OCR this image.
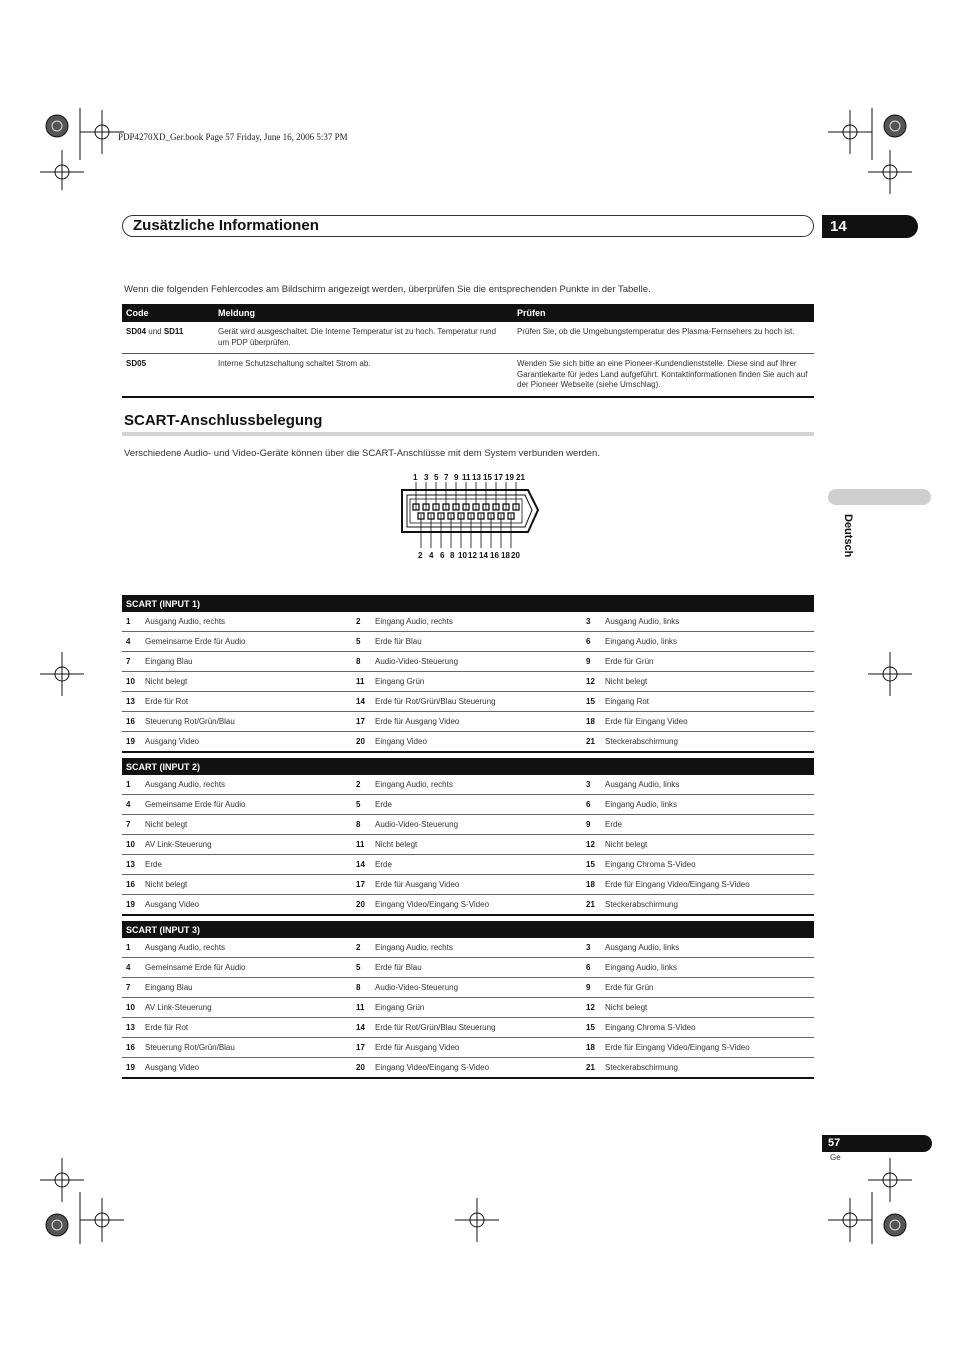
PDP4270XD_Ger.book Page 57 Friday, June 16, 2006 5:37 PM
Zusätzliche Informationen	14
Wenn die folgenden Fehlercodes am Bildschirm angezeigt werden, überprüfen Sie die entsprechenden Punkte in der Tabelle.
Code	Meldung	Prüfen
SD04 und SD11	Gerät wird ausgeschaltet. Die Interne Temperatur ist zu hoch. Temperatur rund um PDP überprüfen.	Prüfen Sie, ob die Umgebungstemperatur des Plasma-Fernsehers zu hoch ist.
SD05	Interne Schutzschaltung schaltet Strom ab.	Wenden Sie sich bitte an eine Pioneer-Kundendienststelle. Diese sind auf Ihrer Garantiekarte für jedes Land aufgeführt. Kontaktinformationen finden Sie auch auf der Pioneer Webseite (siehe Umschlag).
SCART-Anschlussbelegung
Verschiedene Audio- und Video-Geräte können über die SCART-Anschlüsse mit dem System verbunden werden.
1 3 5 7 9 11 13 15 17 19 21
2 4 6 8 10 12 14 16 18 20
SCART (INPUT 1)					
1	Ausgang Audio, rechts	2	Eingang Audio, rechts	3	Ausgang Audio, links
4	Gemeinsame Erde für Audio	5	Erde für Blau	6	Eingang Audio, links
7	Eingang Blau	8	Audio-Video-Steuerung	9	Erde für Grün
10	Nicht belegt	11	Eingang Grün	12	Nicht belegt
13	Erde für Rot	14	Erde für Rot/Grün/Blau Steuerung	15	Eingang Rot
16	Steuerung Rot/Grün/Blau	17	Erde für Ausgang Video	18	Erde für Eingang Video
19	Ausgang Video	20	Eingang Video	21	Steckerabschirmung
SCART (INPUT 2)					
1	Ausgang Audio, rechts	2	Eingang Audio, rechts	3	Ausgang Audio, links
4	Gemeinsame Erde für Audio	5	Erde	6	Eingang Audio, links
7	Nicht belegt	8	Audio-Video-Steuerung	9	Erde
10	AV Link-Steuerung	11	Nicht belegt	12	Nicht belegt
13	Erde	14	Erde	15	Eingang Chroma S-Video
16	Nicht belegt	17	Erde für Ausgang Video	18	Erde für Eingang Video/Eingang S-Video
19	Ausgang Video	20	Eingang Video/Eingang S-Video	21	Steckerabschirmung
SCART (INPUT 3)					
1	Ausgang Audio, rechts	2	Eingang Audio, rechts	3	Ausgang Audio, links
4	Gemeinsame Erde für Audio	5	Erde für Blau	6	Eingang Audio, links
7	Eingang Blau	8	Audio-Video-Steuerung	9	Erde für Grün
10	AV Link-Steuerung	11	Eingang Grün	12	Nicht belegt
13	Erde für Rot	14	Erde für Rot/Grün/Blau Steuerung	15	Eingang Chroma S-Video
16	Steuerung Rot/Grün/Blau	17	Erde für Ausgang Video	18	Erde für Eingang Video/Eingang S-Video
19	Ausgang Video	20	Eingang Video/Eingang S-Video	21	Steckerabschirmung
Deutsch
57
Ge
